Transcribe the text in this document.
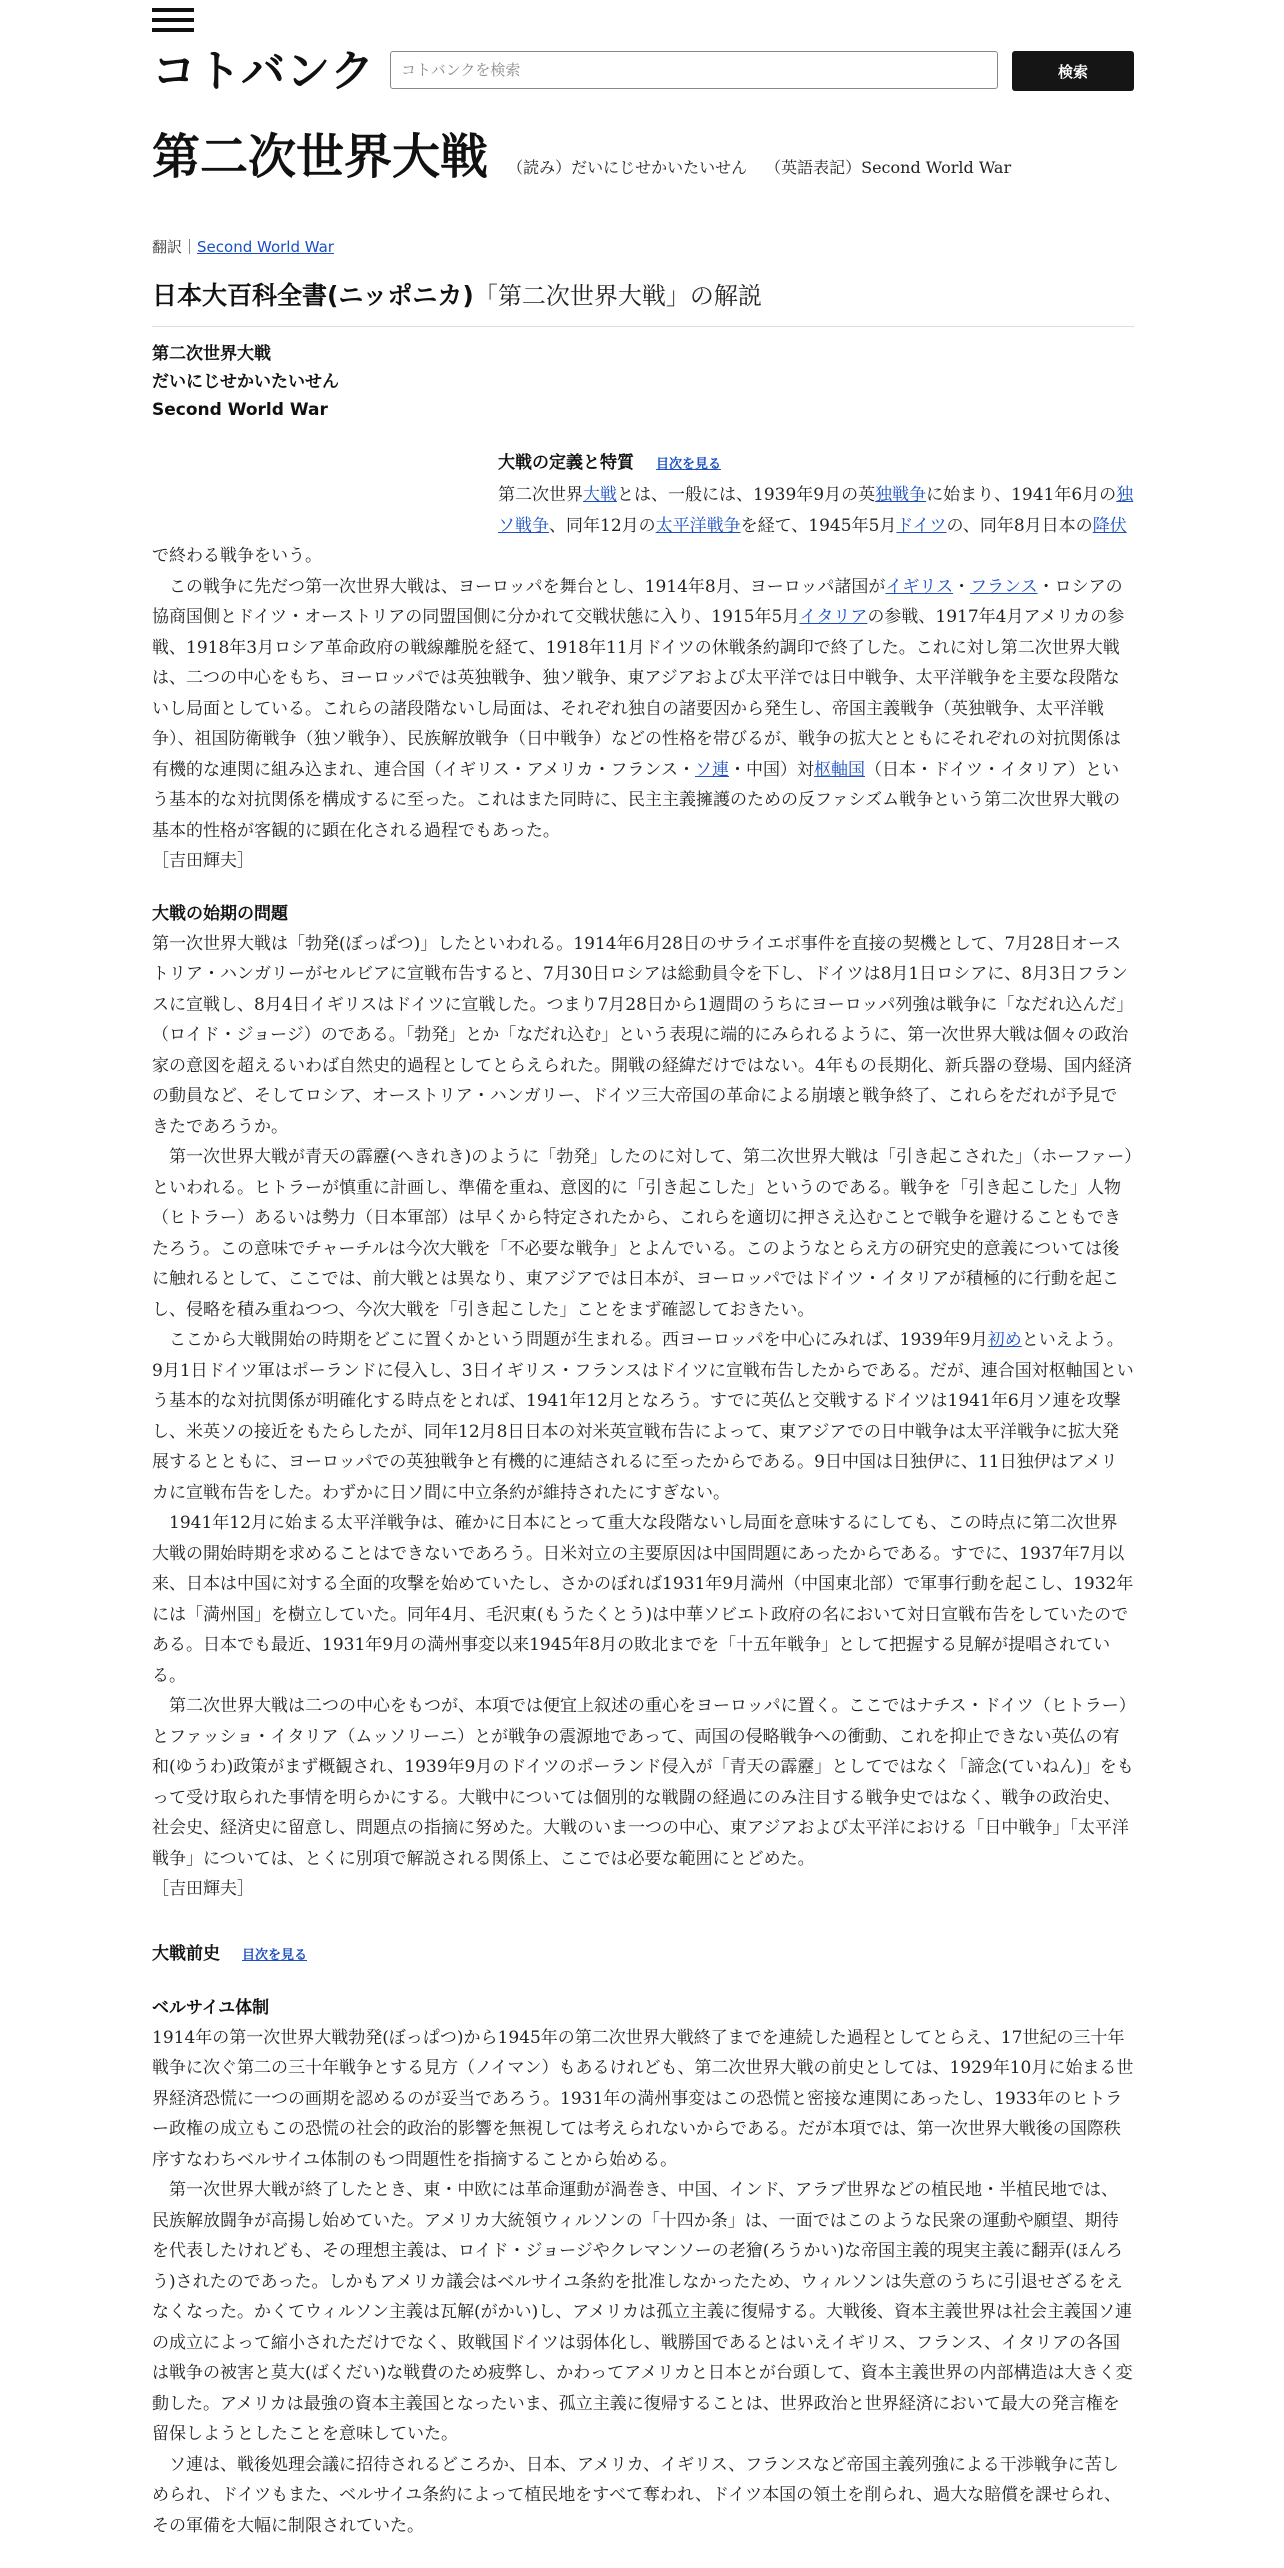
コトバンク
コトバンクを検索	検索
第二次世界大戦 （読み）だいにじせかいたいせん （英語表記）Second World War
翻訳｜Second World War
日本大百科全書(ニッポニカ)「第二次世界大戦」の解説
第二次世界大戦
だいにじせかいたいせん
Second World War
大戦の定義と特質 目次を見る

第二次世界大戦とは、一般には、1939年9月の英独戦争に始まり、1941年6月の独ソ戦争、同年12月の太平洋戦争を経て、1945年5月ドイツの、同年8月日本の降伏で終わる戦争をいう。

この戦争に先だつ第一次世界大戦は、ヨーロッパを舞台とし、1914年8月、ヨーロッパ諸国がイギリス・フランス・ロシアの協商国側とドイツ・オーストリアの同盟国側に分かれて交戦状態に入り、1915年5月イタリアの参戦、1917年4月アメリカの参戦、1918年3月ロシア革命政府の戦線離脱を経て、1918年11月ドイツの休戦条約調印で終了した。これに対し第二次世界大戦は、二つの中心をもち、ヨーロッパでは英独戦争、独ソ戦争、東アジアおよび太平洋では日中戦争、太平洋戦争を主要な段階ないし局面としている。これらの諸段階ないし局面は、それぞれ独自の諸要因から発生し、帝国主義戦争（英独戦争、太平洋戦争）、祖国防衛戦争（独ソ戦争）、民族解放戦争（日中戦争）などの性格を帯びるが、戦争の拡大とともにそれぞれの対抗関係は有機的な連関に組み込まれ、連合国（イギリス・アメリカ・フランス・ソ連・中国）対枢軸国（日本・ドイツ・イタリア）という基本的な対抗関係を構成するに至った。これはまた同時に、民主主義擁護のための反ファシズム戦争という第二次世界大戦の基本的性格が客観的に顕在化される過程でもあった。

［吉田輝夫］
大戦の始期の問題

第一次世界大戦は「勃発(ぼっぱつ)」したといわれる。1914年6月28日のサライエボ事件を直接の契機として、7月28日オーストリア・ハンガリーがセルビアに宣戦布告すると、7月30日ロシアは総動員令を下し、ドイツは8月1日ロシアに、8月3日フランスに宣戦し、8月4日イギリスはドイツに宣戦した。つまり7月28日から1週間のうちにヨーロッパ列強は戦争に「なだれ込んだ」（ロイド・ジョージ）のである。「勃発」とか「なだれ込む」という表現に端的にみられるように、第一次世界大戦は個々の政治家の意図を超えるいわば自然史的過程としてとらえられた。開戦の経緯だけではない。4年もの長期化、新兵器の登場、国内経済の動員など、そしてロシア、オーストリア・ハンガリー、ドイツ三大帝国の革命による崩壊と戦争終了、これらをだれが予見できたであろうか。

第一次世界大戦が青天の霹靂(へきれき)のように「勃発」したのに対して、第二次世界大戦は「引き起こされた」（ホーファー）といわれる。ヒトラーが慎重に計画し、準備を重ね、意図的に「引き起こした」というのである。戦争を「引き起こした」人物（ヒトラー）あるいは勢力（日本軍部）は早くから特定されたから、これらを適切に押さえ込むことで戦争を避けることもできたろう。この意味でチャーチルは今次大戦を「不必要な戦争」とよんでいる。このようなとらえ方の研究史的意義については後に触れるとして、ここでは、前大戦とは異なり、東アジアでは日本が、ヨーロッパではドイツ・イタリアが積極的に行動を起こし、侵略を積み重ねつつ、今次大戦を「引き起こした」ことをまず確認しておきたい。

ここから大戦開始の時期をどこに置くかという問題が生まれる。西ヨーロッパを中心にみれば、1939年9月初めといえよう。9月1日ドイツ軍はポーランドに侵入し、3日イギリス・フランスはドイツに宣戦布告したからである。だが、連合国対枢軸国という基本的な対抗関係が明確化する時点をとれば、1941年12月となろう。すでに英仏と交戦するドイツは1941年6月ソ連を攻撃し、米英ソの接近をもたらしたが、同年12月8日日本の対米英宣戦布告によって、東アジアでの日中戦争は太平洋戦争に拡大発展するとともに、ヨーロッパでの英独戦争と有機的に連結されるに至ったからである。9日中国は日独伊に、11日独伊はアメリカに宣戦布告をした。わずかに日ソ間に中立条約が維持されたにすぎない。

1941年12月に始まる太平洋戦争は、確かに日本にとって重大な段階ないし局面を意味するにしても、この時点に第二次世界大戦の開始時期を求めることはできないであろう。日米対立の主要原因は中国問題にあったからである。すでに、1937年7月以来、日本は中国に対する全面的攻撃を始めていたし、さかのぼれば1931年9月満州（中国東北部）で軍事行動を起こし、1932年には「満州国」を樹立していた。同年4月、毛沢東(もうたくとう)は中華ソビエト政府の名において対日宣戦布告をしていたのである。日本でも最近、1931年9月の満州事変以来1945年8月の敗北までを「十五年戦争」として把握する見解が提唱されている。

第二次世界大戦は二つの中心をもつが、本項では便宜上叙述の重心をヨーロッパに置く。ここではナチス・ドイツ（ヒトラー）とファッショ・イタリア（ムッソリーニ）とが戦争の震源地であって、両国の侵略戦争への衝動、これを抑止できない英仏の宥和(ゆうわ)政策がまず概観され、1939年9月のドイツのポーランド侵入が「青天の霹靂」としてではなく「諦念(ていねん)」をもって受け取られた事情を明らかにする。大戦中については個別的な戦闘の経過にのみ注目する戦争史ではなく、戦争の政治史、社会史、経済史に留意し、問題点の指摘に努めた。大戦のいま一つの中心、東アジアおよび太平洋における「日中戦争」「太平洋戦争」については、とくに別項で解説される関係上、ここでは必要な範囲にとどめた。

［吉田輝夫］
大戦前史 目次を見る
ベルサイユ体制

1914年の第一次世界大戦勃発(ぼっぱつ)から1945年の第二次世界大戦終了までを連続した過程としてとらえ、17世紀の三十年戦争に次ぐ第二の三十年戦争とする見方（ノイマン）もあるけれども、第二次世界大戦の前史としては、1929年10月に始まる世界経済恐慌に一つの画期を認めるのが妥当であろう。1931年の満州事変はこの恐慌と密接な連関にあったし、1933年のヒトラー政権の成立もこの恐慌の社会的政治的影響を無視しては考えられないからである。だが本項では、第一次世界大戦後の国際秩序すなわちベルサイユ体制のもつ問題性を指摘することから始める。

第一次世界大戦が終了したとき、東・中欧には革命運動が渦巻き、中国、インド、アラブ世界などの植民地・半植民地では、民族解放闘争が高揚し始めていた。アメリカ大統領ウィルソンの「十四か条」は、一面ではこのような民衆の運動や願望、期待を代表したけれども、その理想主義は、ロイド・ジョージやクレマンソーの老獪(ろうかい)な帝国主義的現実主義に翻弄(ほんろう)されたのであった。しかもアメリカ議会はベルサイユ条約を批准しなかったため、ウィルソンは失意のうちに引退せざるをえなくなった。かくてウィルソン主義は瓦解(がかい)し、アメリカは孤立主義に復帰する。大戦後、資本主義世界は社会主義国ソ連の成立によって縮小されただけでなく、敗戦国ドイツは弱体化し、戦勝国であるとはいえイギリス、フランス、イタリアの各国は戦争の被害と莫大(ばくだい)な戦費のため疲弊し、かわってアメリカと日本とが台頭して、資本主義世界の内部構造は大きく変動した。アメリカは最強の資本主義国となったいま、孤立主義に復帰することは、世界政治と世界経済において最大の発言権を留保しようとしたことを意味していた。

ソ連は、戦後処理会議に招待されるどころか、日本、アメリカ、イギリス、フランスなど帝国主義列強による干渉戦争に苦しめられ、ドイツもまた、ベルサイユ条約によって植民地をすべて奪われ、ドイツ本国の領土を削られ、過大な賠償を課せられ、その軍備を大幅に制限されていた。
